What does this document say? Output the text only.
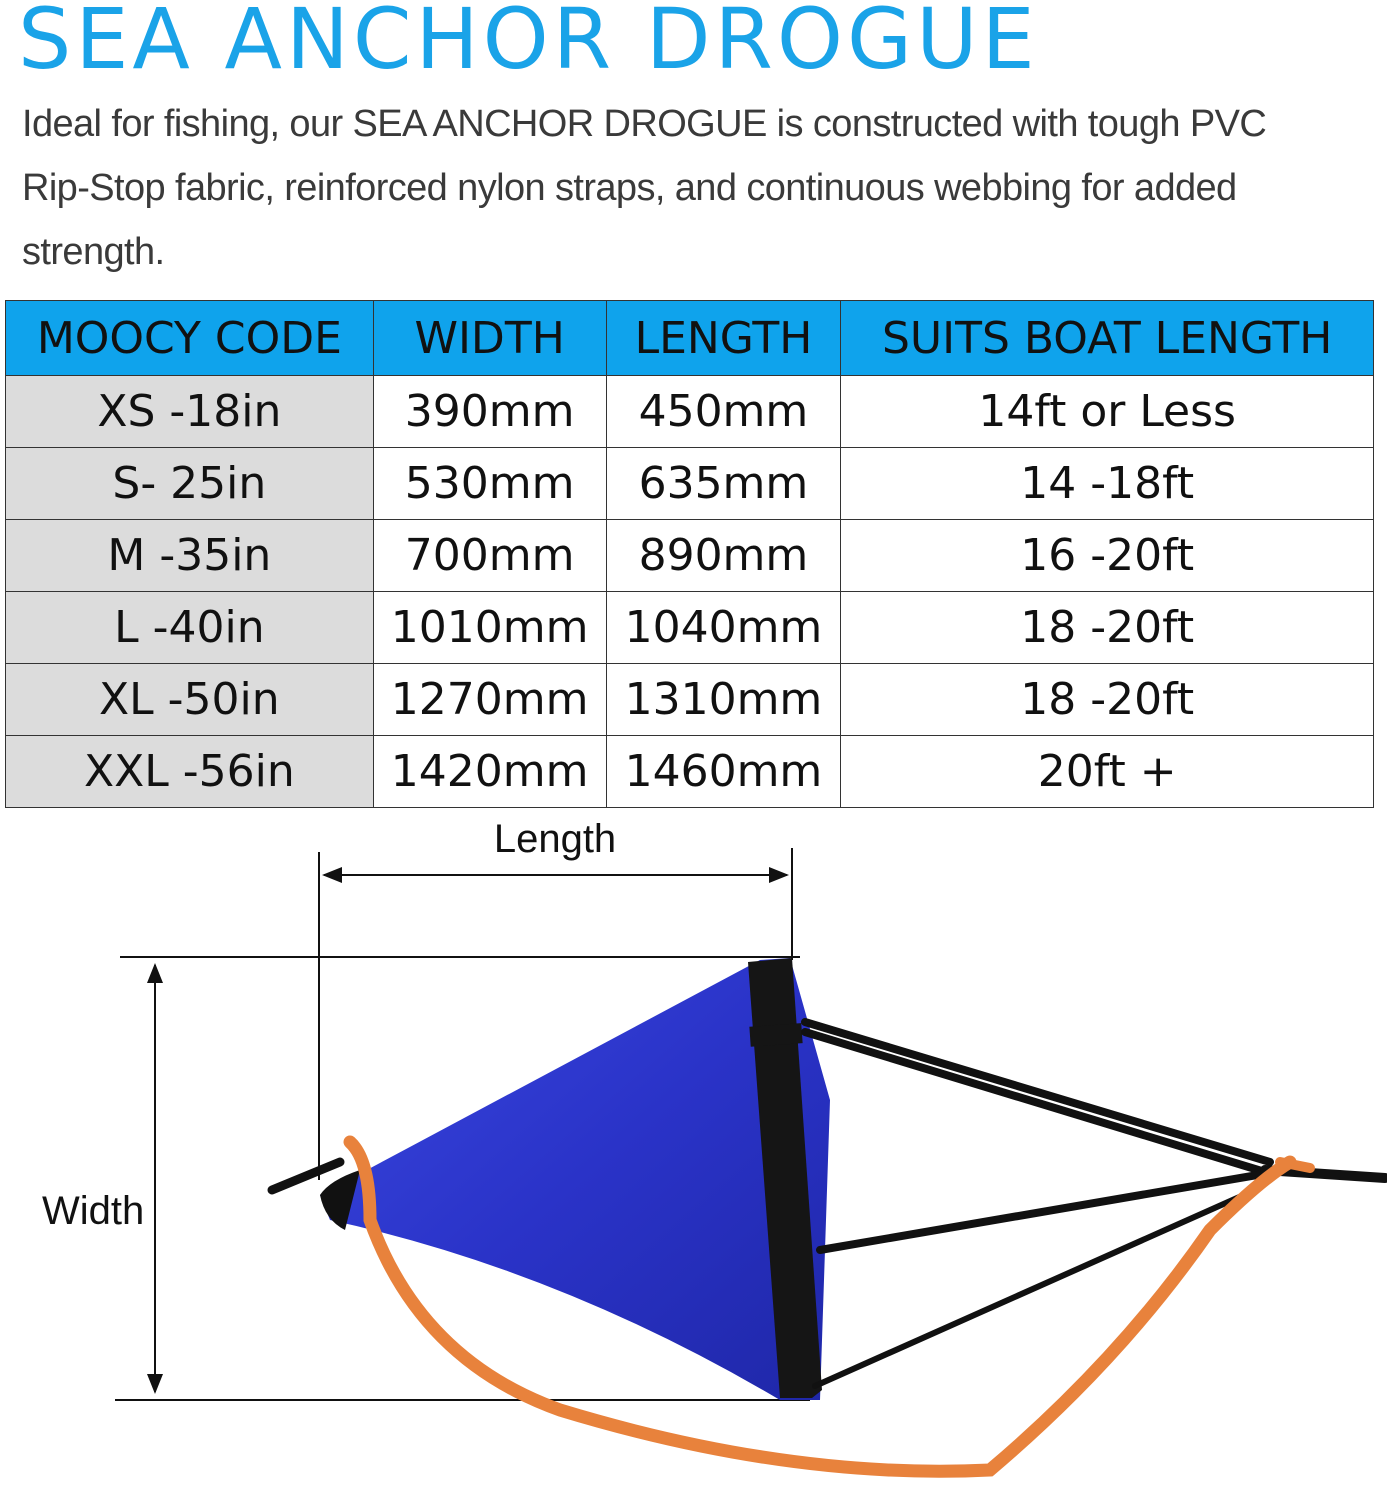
SEA ANCHOR DROGUE
Ideal for fishing, our SEA ANCHOR DROGUE is constructed with tough PVC Rip-Stop fabric, reinforced nylon straps, and continuous webbing for added strength.
MOOCY CODE	WIDTH	LENGTH	SUITS BOAT LENGTH
XS -18in	390mm	450mm	14ft or Less
S- 25in	530mm	635mm	14 -18ft
M -35in	700mm	890mm	16 -20ft
L -40in	1010mm	1040mm	18 -20ft
XL -50in	1270mm	1310mm	18 -20ft
XXL -56in	1420mm	1460mm	20ft +
Length
Width
